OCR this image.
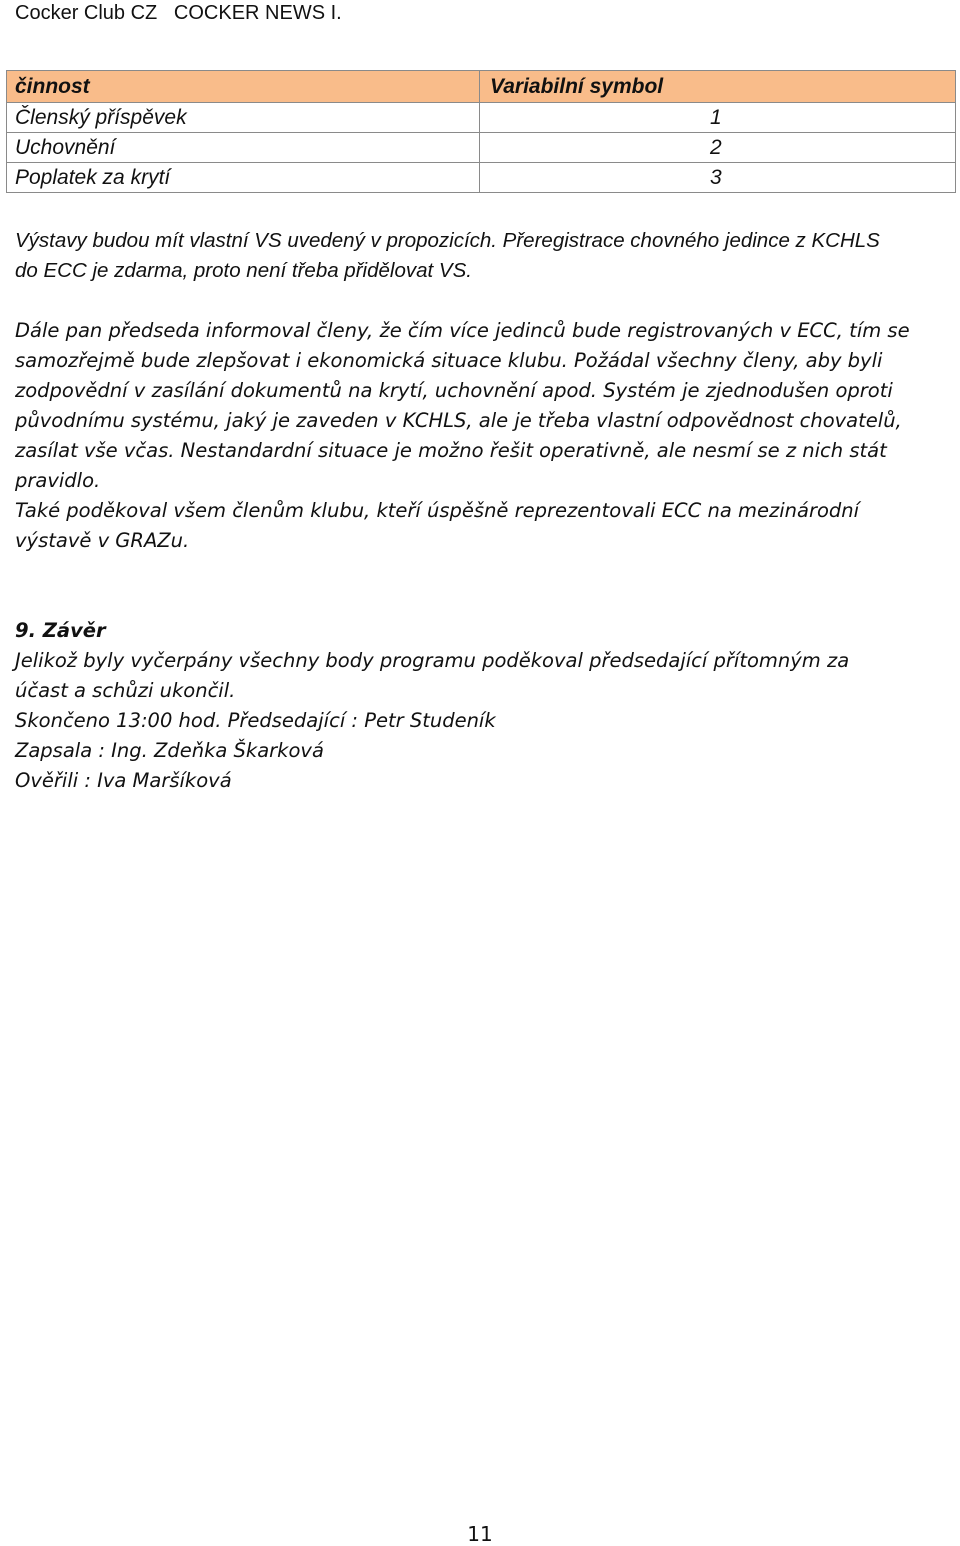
Cocker Club CZ   COCKER NEWS I.
činnost	Variabilní symbol
Členský příspěvek	1
Uchovnění	2
Poplatek za krytí	3
Výstavy budou mít vlastní VS uvedený v propozicích. Přeregistrace chovného jedince z KCHLS
do ECC je zdarma, proto není třeba přidělovat VS.
Dále pan předseda informoval členy, že čím více jedinců bude registrovaných v ECC, tím se
samozřejmě bude zlepšovat i ekonomická situace klubu. Požádal všechny členy, aby byli
zodpovědní v zasílání dokumentů na krytí, uchovnění apod. Systém je zjednodušen oproti
původnímu systému, jaký je zaveden v KCHLS, ale je třeba vlastní odpovědnost chovatelů,
zasílat vše včas. Nestandardní situace je možno řešit operativně, ale nesmí se z nich stát
pravidlo.
Také poděkoval všem členům klubu, kteří úspěšně reprezentovali ECC na mezinárodní
výstavě v GRAZu.
9. Závěr
Jelikož byly vyčerpány všechny body programu poděkoval předsedající přítomným za
účast a schůzi ukončil.
Skončeno 13:00 hod. Předsedající : Petr Studeník
Zapsala : Ing. Zdeňka Škarková
Ověřili : Iva Maršíková
11
